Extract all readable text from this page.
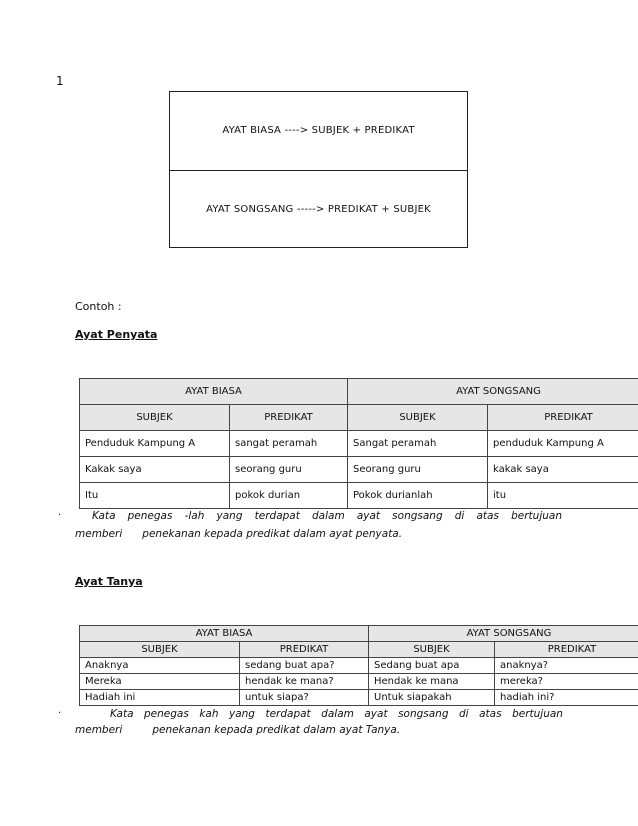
1
AYAT BIASA ----> SUBJEK + PREDIKAT
AYAT SONGSANG -----> PREDIKAT + SUBJEK
Contoh :
Ayat Penyata
AYAT BIASA		AYAT SONGSANG	
SUBJEK	PREDIKAT	SUBJEK	PREDIKAT
Penduduk Kampung A	sangat peramah	Sangat peramah	penduduk Kampung A
Kakak saya	seorang guru	Seorang guru	kakak saya
Itu	pokok durian	Pokok durianlah	itu
·	Kata penegas -lah yang terdapat dalam ayat songsang di atas bertujuan
memberi      penekanan kepada predikat dalam ayat penyata.
Ayat Tanya
AYAT BIASA		AYAT SONGSANG	
SUBJEK	PREDIKAT	SUBJEK	PREDIKAT
Anaknya	sedang buat apa?	Sedang buat apa	anaknya?
Mereka	hendak ke mana?	Hendak ke mana	mereka?
Hadiah ini	untuk siapa?	Untuk siapakah	hadiah ini?
·	Kata penegas kah yang terdapat dalam ayat songsang di atas bertujuan
memberi         penekanan kepada predikat dalam ayat Tanya.
